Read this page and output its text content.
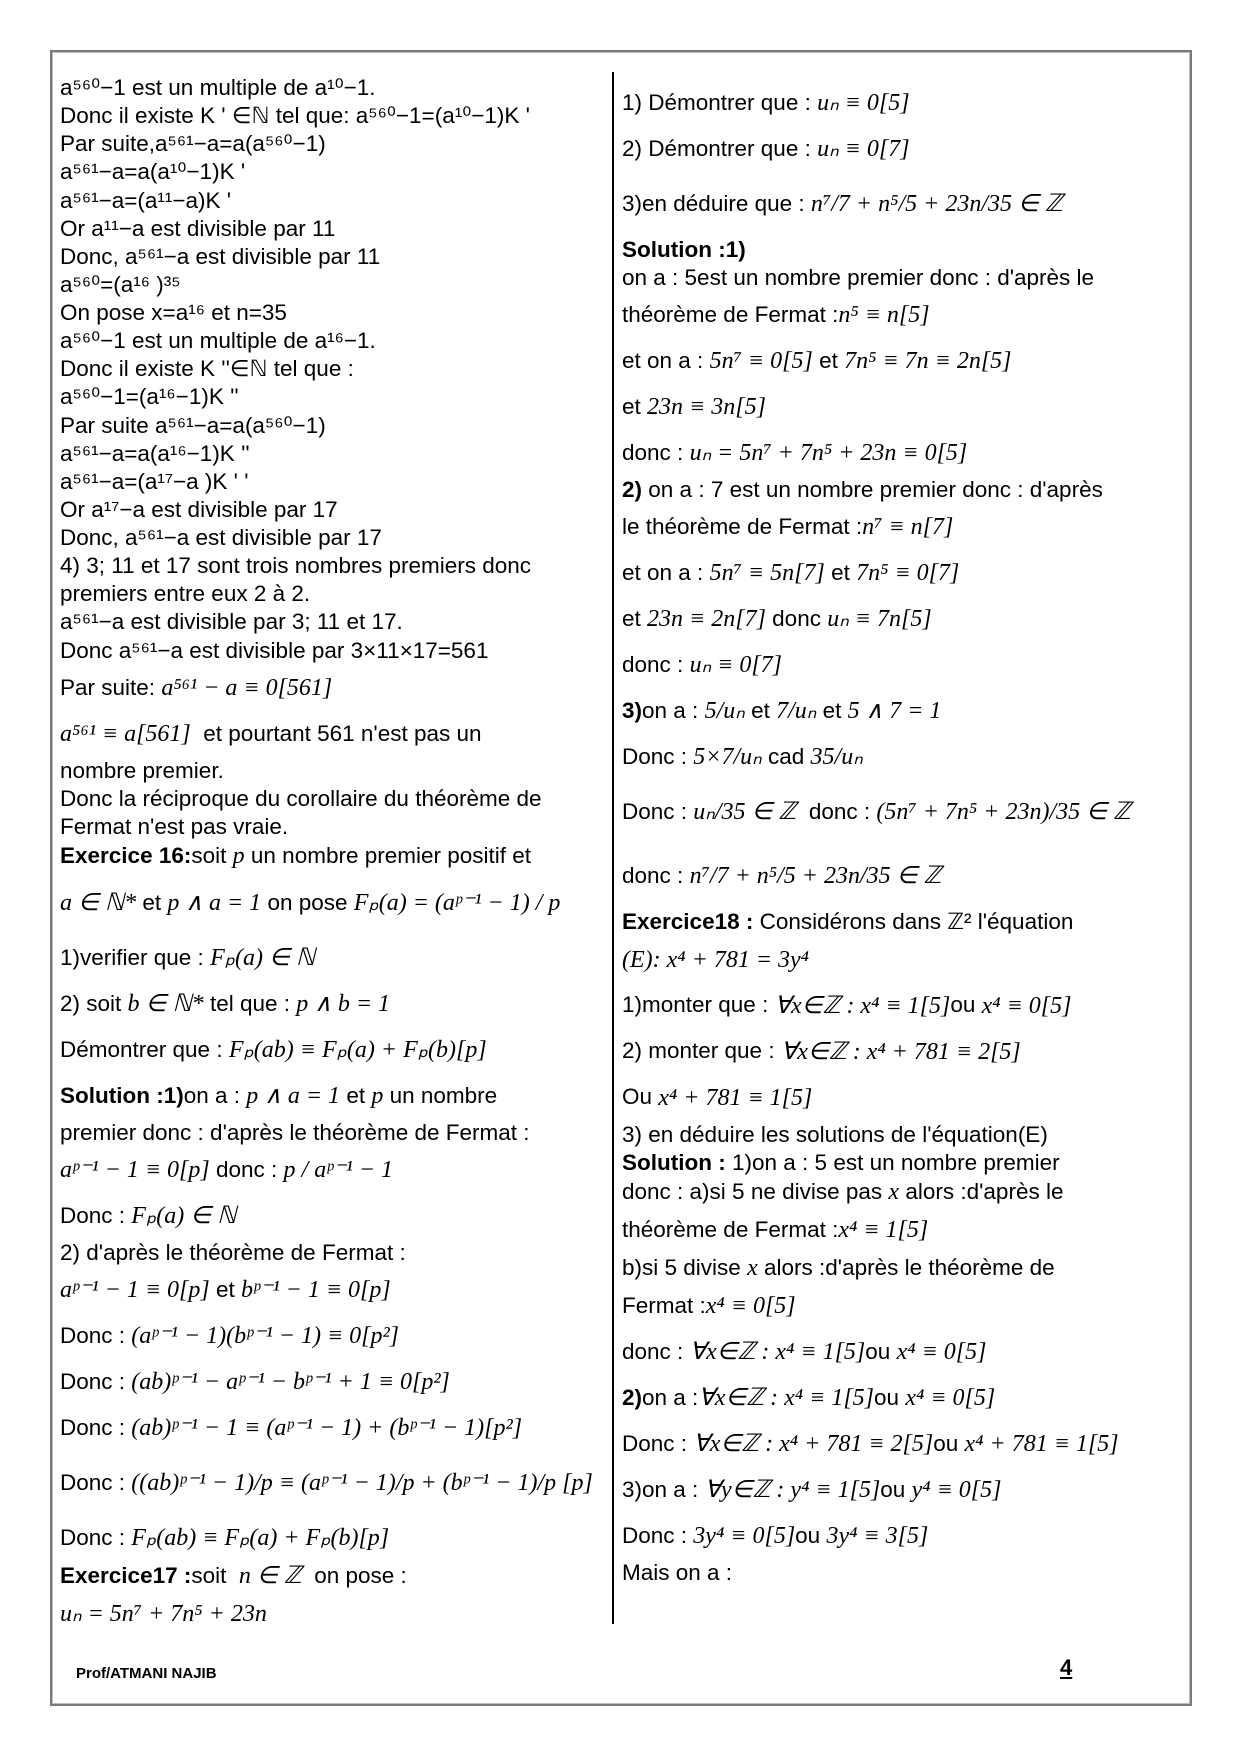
a⁵⁶⁰−1 est un multiple de a¹⁰−1.
Donc il existe K ' ∈ℕ tel que: a⁵⁶⁰−1=(a¹⁰−1)K '
Par suite,a⁵⁶¹−a=a(a⁵⁶⁰−1)
a⁵⁶¹−a=a(a¹⁰−1)K '
a⁵⁶¹−a=(a¹¹−a)K '
Or a¹¹−a est divisible par 11
Donc, a⁵⁶¹−a est divisible par 11
a⁵⁶⁰=(a¹⁶ )³⁵
On pose x=a¹⁶ et n=35
a⁵⁶⁰−1 est un multiple de a¹⁶−1.
Donc il existe K ''∈ℕ tel que :
a⁵⁶⁰−1=(a¹⁶−1)K ''
Par suite a⁵⁶¹−a=a(a⁵⁶⁰−1)
a⁵⁶¹−a=a(a¹⁶−1)K ''
a⁵⁶¹−a=(a¹⁷−a )K ' '
Or a¹⁷−a est divisible par 17
Donc, a⁵⁶¹−a est divisible par 17
4) 3; 11 et 17 sont trois nombres premiers donc
premiers entre eux 2 à 2.
a⁵⁶¹−a est divisible par 3; 11 et 17.
Donc a⁵⁶¹−a est divisible par 3×11×17=561
Par suite:
a⁵⁶¹ − a ≡ 0[561]
a⁵⁶¹ ≡ a[561]
et pourtant 561 n'est pas un
nombre premier.
Donc la réciproque du corollaire du théorème de
Fermat n'est pas vraie.
Exercice 16:soit p un nombre premier positif et
a ∈ ℕ*
et
p ∧ a = 1
on pose
Fₚ(a) = (aᵖ⁻¹ − 1) / p
1)verifier que :
Fₚ(a) ∈ ℕ
2) soit
b ∈ ℕ*
tel que :
p ∧ b = 1
Démontrer que :
Fₚ(ab) ≡ Fₚ(a) + Fₚ(b)[p]
Solution :1) on a :
p ∧ a = 1
et
p
un nombre
premier donc : d'après le théorème de Fermat :
aᵖ⁻¹ − 1 ≡ 0[p]
donc :
p / aᵖ⁻¹ − 1
Donc :
Fₚ(a) ∈ ℕ
2) d'après le théorème de Fermat :
aᵖ⁻¹ − 1 ≡ 0[p]
et
bᵖ⁻¹ − 1 ≡ 0[p]
Donc :
(aᵖ⁻¹ − 1)(bᵖ⁻¹ − 1) ≡ 0[p²]
Donc :
(ab)ᵖ⁻¹ − aᵖ⁻¹ − bᵖ⁻¹ + 1 ≡ 0[p²]
Donc :
(ab)ᵖ⁻¹ − 1 ≡ (aᵖ⁻¹ − 1) + (bᵖ⁻¹ − 1)[p²]
Donc :
((ab)ᵖ⁻¹ − 1)/p ≡ (aᵖ⁻¹ − 1)/p + (bᵖ⁻¹ − 1)/p [p]
Donc :
Fₚ(ab) ≡ Fₚ(a) + Fₚ(b)[p]
Exercice17 :soit n ∈ ℤ on pose :
uₙ = 5n⁷ + 7n⁵ + 23n
1) Démontrer que :
uₙ ≡ 0[5]
2) Démontrer que :
uₙ ≡ 0[7]
3)en déduire que :
n⁷/7 + n⁵/5 + 23n/35 ∈ ℤ
Solution :1)
on a : 5est un nombre premier donc : d'après le
théorème de Fermat : n⁵ ≡ n[5]
et on a :
5n⁷ ≡ 0[5]
et
7n⁵ ≡ 7n ≡ 2n[5]
et
23n ≡ 3n[5]
donc :
uₙ = 5n⁷ + 7n⁵ + 23n ≡ 0[5]
2) on a : 7 est un nombre premier donc : d'après
le théorème de Fermat : n⁷ ≡ n[7]
et on a :
5n⁷ ≡ 5n[7]
et
7n⁵ ≡ 0[7]
et
23n ≡ 2n[7]
donc
uₙ ≡ 7n[5]
donc :
uₙ ≡ 0[7]
3) on a :
5/uₙ
et
7/uₙ
et
5 ∧ 7 = 1
Donc :
5×7/uₙ
cad
35/uₙ
Donc :
uₙ/35 ∈ ℤ
donc :
(5n⁷ + 7n⁵ + 23n)/35 ∈ ℤ
donc :
n⁷/7 + n⁵/5 + 23n/35 ∈ ℤ
Exercice18 : Considérons dans ℤ² l'équation
(E): x⁴ + 781 = 3y⁴
1)monter que :
∀x∈ℤ : x⁴ ≡ 1[5] ou
x⁴ ≡ 0[5]
2) monter que :
∀x∈ℤ : x⁴ + 781 ≡ 2[5]
Ou
x⁴ + 781 ≡ 1[5]
3) en déduire les solutions de l'équation(E)
Solution : 1)on a : 5 est un nombre premier
donc : a)si 5 ne divise pas x alors :d'après le
théorème de Fermat : x⁴ ≡ 1[5]
b)si 5 divise x alors :d'après le théorème de
Fermat : x⁴ ≡ 0[5]
donc :
∀x∈ℤ : x⁴ ≡ 1[5] ou
x⁴ ≡ 0[5]
2) on a : ∀x∈ℤ : x⁴ ≡ 1[5] ou
x⁴ ≡ 0[5]
Donc :
∀x∈ℤ : x⁴ + 781 ≡ 2[5] ou
x⁴ + 781 ≡ 1[5]
3)on a :
∀y∈ℤ : y⁴ ≡ 1[5] ou
y⁴ ≡ 0[5]
Donc :
3y⁴ ≡ 0[5] ou
3y⁴ ≡ 3[5]
Mais on a :
Prof/ATMANI NAJIB	4
